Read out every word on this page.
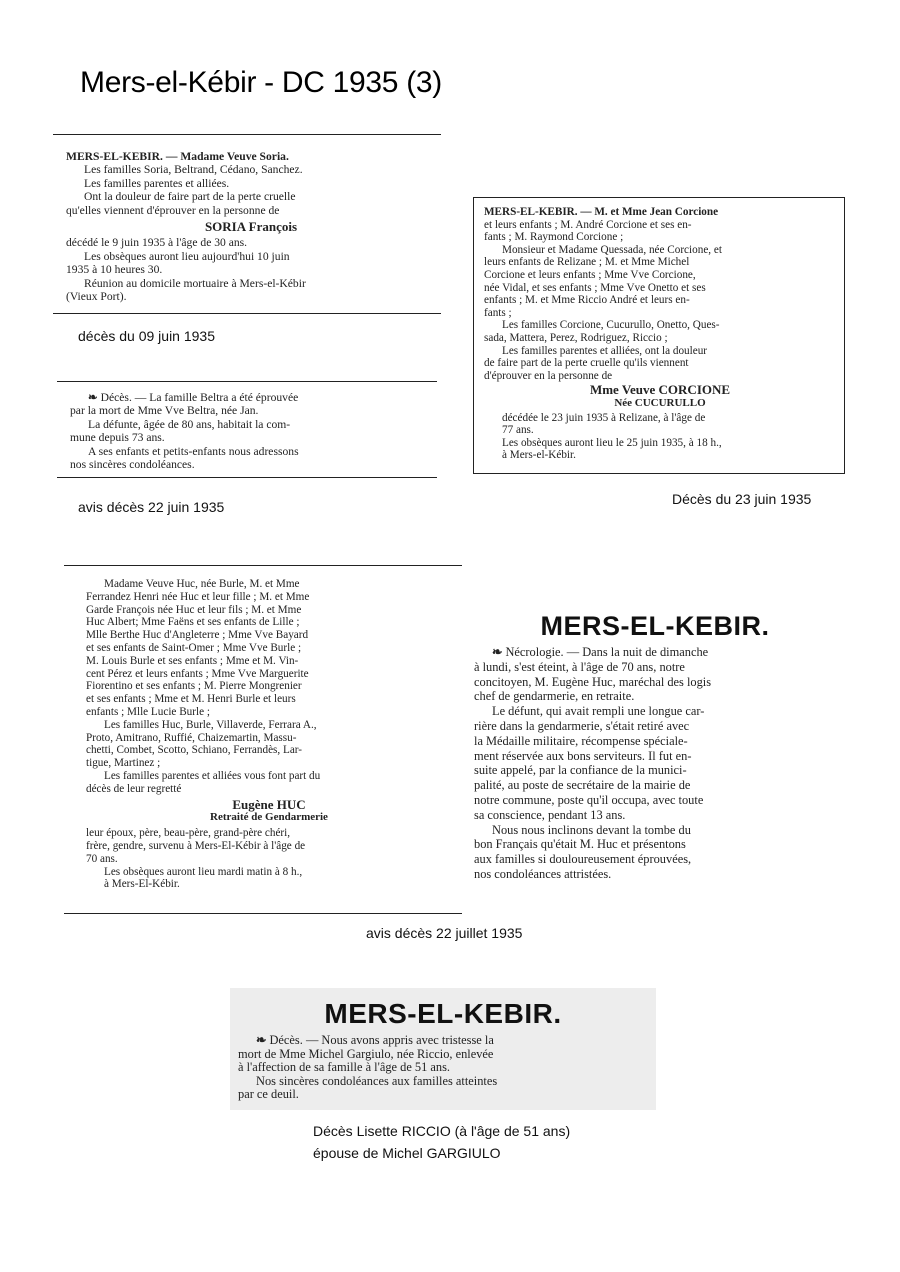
Mers-el-Kébir - DC 1935 (3)

MERS-EL-KEBIR. — Madame Veuve Soria.

Les familles Soria, Beltrand, Cédano, Sanchez.

Les familles parentes et alliées.

Ont la douleur de faire part de la perte cruelle

qu'elles viennent d'éprouver en la personne de

SORIA François

décédé le 9 juin 1935 à l'âge de 30 ans.

Les obsèques auront lieu aujourd'hui 10 juin

1935 à 10 heures 30.

Réunion au domicile mortuaire à Mers-el-Kébir

(Vieux Port).

décès du 09 juin 1935

❧ Décès. — La famille Beltra a été éprouvée

par la mort de Mme Vve Beltra, née Jan.

La défunte, âgée de 80 ans, habitait la com-

mune depuis 73 ans.

A ses enfants et petits-enfants nous adressons

nos sincères condoléances.

avis décès 22 juin 1935

MERS-EL-KEBIR. — M. et Mme Jean Corcione

et leurs enfants ; M. André Corcione et ses en-

fants ; M. Raymond Corcione ;

Monsieur et Madame Quessada, née Corcione, et

leurs enfants de Relizane ; M. et Mme Michel

Corcione et leurs enfants ; Mme Vve Corcione,

née Vidal, et ses enfants ; Mme Vve Onetto et ses

enfants ; M. et Mme Riccio André et leurs en-

fants ;

Les familles Corcione, Cucurullo, Onetto, Ques-

sada, Mattera, Perez, Rodriguez, Riccio ;

Les familles parentes et alliées, ont la douleur

de faire part de la perte cruelle qu'ils viennent

d'éprouver en la personne de

Mme Veuve CORCIONE

Née CUCURULLO

décédée le 23 juin 1935 à Relizane, à l'âge de

77 ans.

Les obsèques auront lieu le 25 juin 1935, à 18 h.,

à Mers-el-Kébir.

Décès du 23 juin 1935

Madame Veuve Huc, née Burle, M. et Mme

Ferrandez Henri née Huc et leur fille ; M. et Mme

Garde François née Huc et leur fils ; M. et Mme

Huc Albert; Mme Faëns et ses enfants de Lille ;

Mlle Berthe Huc d'Angleterre ; Mme Vve Bayard

et ses enfants de Saint-Omer ; Mme Vve Burle ;

M. Louis Burle et ses enfants ; Mme et M. Vin-

cent Pérez et leurs enfants ; Mme Vve Marguerite

Fiorentino et ses enfants ; M. Pierre Mongrenier

et ses enfants ; Mme et M. Henri Burle et leurs

enfants ; Mlle Lucie Burle ;

Les familles Huc, Burle, Villaverde, Ferrara A.,

Proto, Amitrano, Ruffié, Chaizemartin, Massu-

chetti, Combet, Scotto, Schiano, Ferrandès, Lar-

tigue, Martinez ;

Les familles parentes et alliées vous font part du

décès de leur regretté

Eugène HUC

Retraité de Gendarmerie

leur époux, père, beau-père, grand-père chéri,

frère, gendre, survenu à Mers-El-Kébir à l'âge de

70 ans.

Les obsèques auront lieu mardi matin à 8 h.,

à Mers-El-Kébir.

MERS-EL-KEBIR.

❧ Nécrologie. — Dans la nuit de dimanche

à lundi, s'est éteint, à l'âge de 70 ans, notre

concitoyen, M. Eugène Huc, maréchal des logis

chef de gendarmerie, en retraite.

Le défunt, qui avait rempli une longue car-

rière dans la gendarmerie, s'était retiré avec

la Médaille militaire, récompense spéciale-

ment réservée aux bons serviteurs. Il fut en-

suite appelé, par la confiance de la munici-

palité, au poste de secrétaire de la mairie de

notre commune, poste qu'il occupa, avec toute

sa conscience, pendant 13 ans.

Nous nous inclinons devant la tombe du

bon Français qu'était M. Huc et présentons

aux familles si douloureusement éprouvées,

nos condoléances attristées.

avis décès 22 juillet 1935
MERS-EL-KEBIR.

❧ Décès. — Nous avons appris avec tristesse la

mort de Mme Michel Gargiulo, née Riccio, enlevée

à l'affection de sa famille à l'âge de 51 ans.

Nos sincères condoléances aux familles atteintes

par ce deuil.

Décès Lisette RICCIO (à l'âge de 51 ans)
épouse de Michel GARGIULO
